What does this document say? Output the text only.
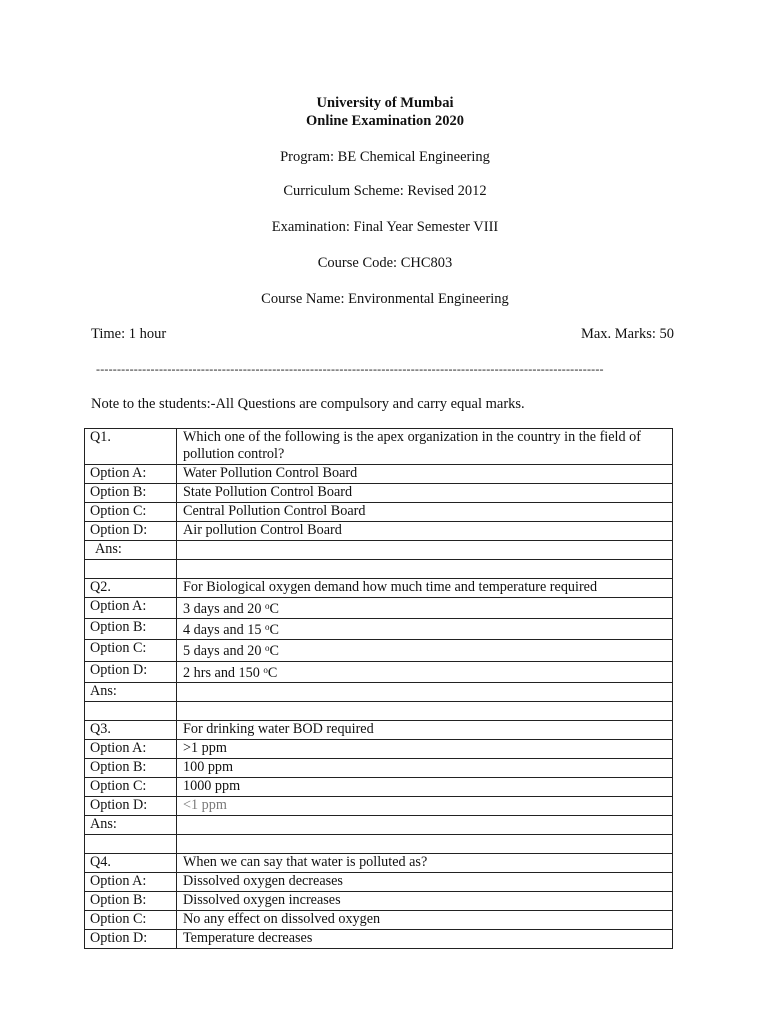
University of Mumbai
Online Examination 2020
Program: BE Chemical Engineering
Curriculum Scheme: Revised 2012
Examination: Final Year Semester VIII
Course Code: CHC803
Course Name: Environmental Engineering
Time: 1 hour	Max. Marks: 50
-------------------------------------------------------------------------------------------------------------------------
Note to the students:-All Questions are compulsory and carry equal marks.
Q1.	Which one of the following is the apex organization in the country in the field of pollution control?
Option A:	Water Pollution Control Board
Option B:	State Pollution Control Board
Option C:	Central Pollution Control Board
Option D:	Air pollution Control Board
Ans:	

Q2.	For Biological oxygen demand how much time and temperature required
Option A:	3 days and 20 $^o$C
Option B:	4 days and 15 $^o$C
Option C:	5 days and 20 $^o$C
Option D:	2 hrs and 150 $^o$C
Ans:	

Q3.	For drinking water BOD required
Option A:	>1 ppm
Option B:	100 ppm
Option C:	1000 ppm
Option D:	<1 ppm
Ans:	

Q4.	When we can say that water is polluted as?
Option A:	Dissolved oxygen decreases
Option B:	Dissolved oxygen increases
Option C:	No any effect on dissolved oxygen
Option D:	Temperature decreases
